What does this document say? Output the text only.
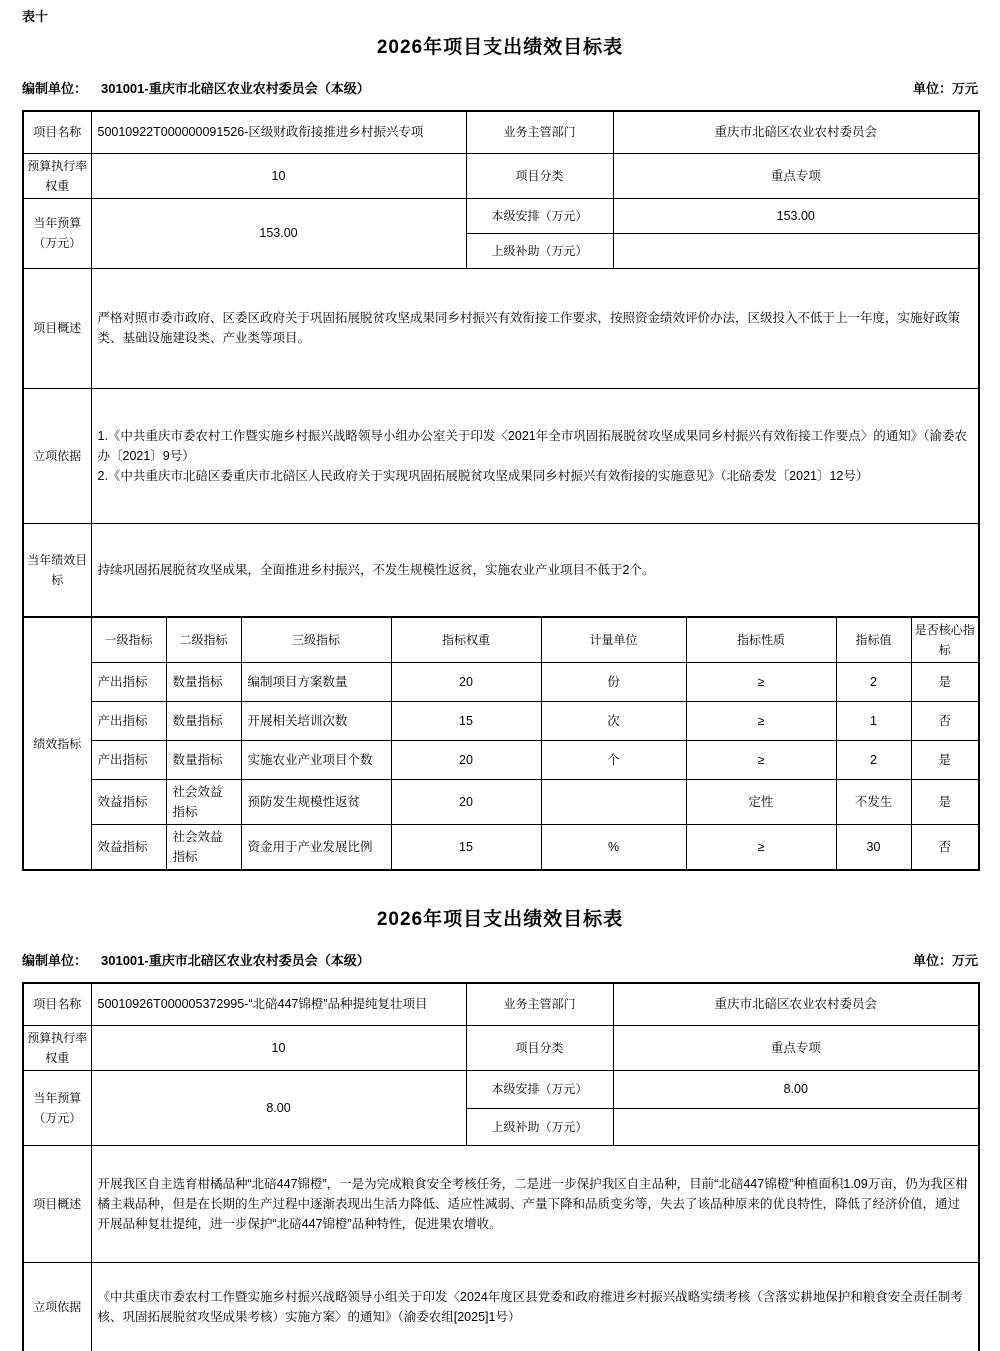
表十
2026年项目支出绩效目标表
编制单位： 301001-重庆市北碚区农业农村委员会（本级）	单位：万元
项目名称	50010922T000000091526-区级财政衔接推进乡村振兴专项	业务主管部门	重庆市北碚区农业农村委员会
预算执行率权重	10	项目分类	重点专项
当年预算（万元）	153.00	本级安排（万元）	153.00
		上级补助（万元）	
项目概述	严格对照市委市政府、区委区政府关于巩固拓展脱贫攻坚成果同乡村振兴有效衔接工作要求，按照资金绩效评价办法，区级投入不低于上一年度，实施好政策类、基础设施建设类、产业类等项目。		
立项依据	1.《中共重庆市委农村工作暨实施乡村振兴战略领导小组办公室关于印发〈2021年全市巩固拓展脱贫攻坚成果同乡村振兴有效衔接工作要点〉的通知》（渝委农办〔2021〕9号）
2.《中共重庆市北碚区委重庆市北碚区人民政府关于实现巩固拓展脱贫攻坚成果同乡村振兴有效衔接的实施意见》（北碚委发〔2021〕12号）		

当年绩效目标	持续巩固拓展脱贫攻坚成果，全面推进乡村振兴，不发生规模性返贫，实施农业产业项目不低于2个。		
绩效指标	一级指标	二级指标	三级指标	指标权重	计量单位	指标性质	指标值	是否核心指标
	产出指标	数量指标	编制项目方案数量	20	份	≥	2	是
	产出指标	数量指标	开展相关培训次数	15	次	≥	1	否
	产出指标	数量指标	实施农业产业项目个数	20	个	≥	2	是
	效益指标	社会效益指标	预防发生规模性返贫	20		定性	不发生	是
	效益指标	社会效益指标	资金用于产业发展比例	15	%	≥	30	否
2026年项目支出绩效目标表
编制单位： 301001-重庆市北碚区农业农村委员会（本级）	单位：万元
项目名称	50010926T000005372995-“北碚447锦橙”品种提纯复壮项目	业务主管部门	重庆市北碚区农业农村委员会
预算执行率权重	10	项目分类	重点专项
当年预算（万元）	8.00	本级安排（万元）	8.00
		上级补助（万元）	
项目概述	开展我区自主选育柑橘品种“北碚447锦橙”，一是为完成粮食安全考核任务，二是进一步保护我区自主品种，目前“北碚447锦橙”种植面积1.09万亩，仍为我区柑橘主栽品种，但是在长期的生产过程中逐渐表现出生活力降低、适应性减弱、产量下降和品质变劣等，失去了该品种原来的优良特性，降低了经济价值，通过开展品种复壮提纯，进一步保护“北碚447锦橙”品种特性，促进果农增收。		
立项依据	《中共重庆市委农村工作暨实施乡村振兴战略领导小组关于印发〈2024年度区县党委和政府推进乡村振兴战略实绩考核（含落实耕地保护和粮食安全责任制考核、巩固拓展脱贫攻坚成果考核）实施方案〉的通知》（渝委农组[2025]1号）		
